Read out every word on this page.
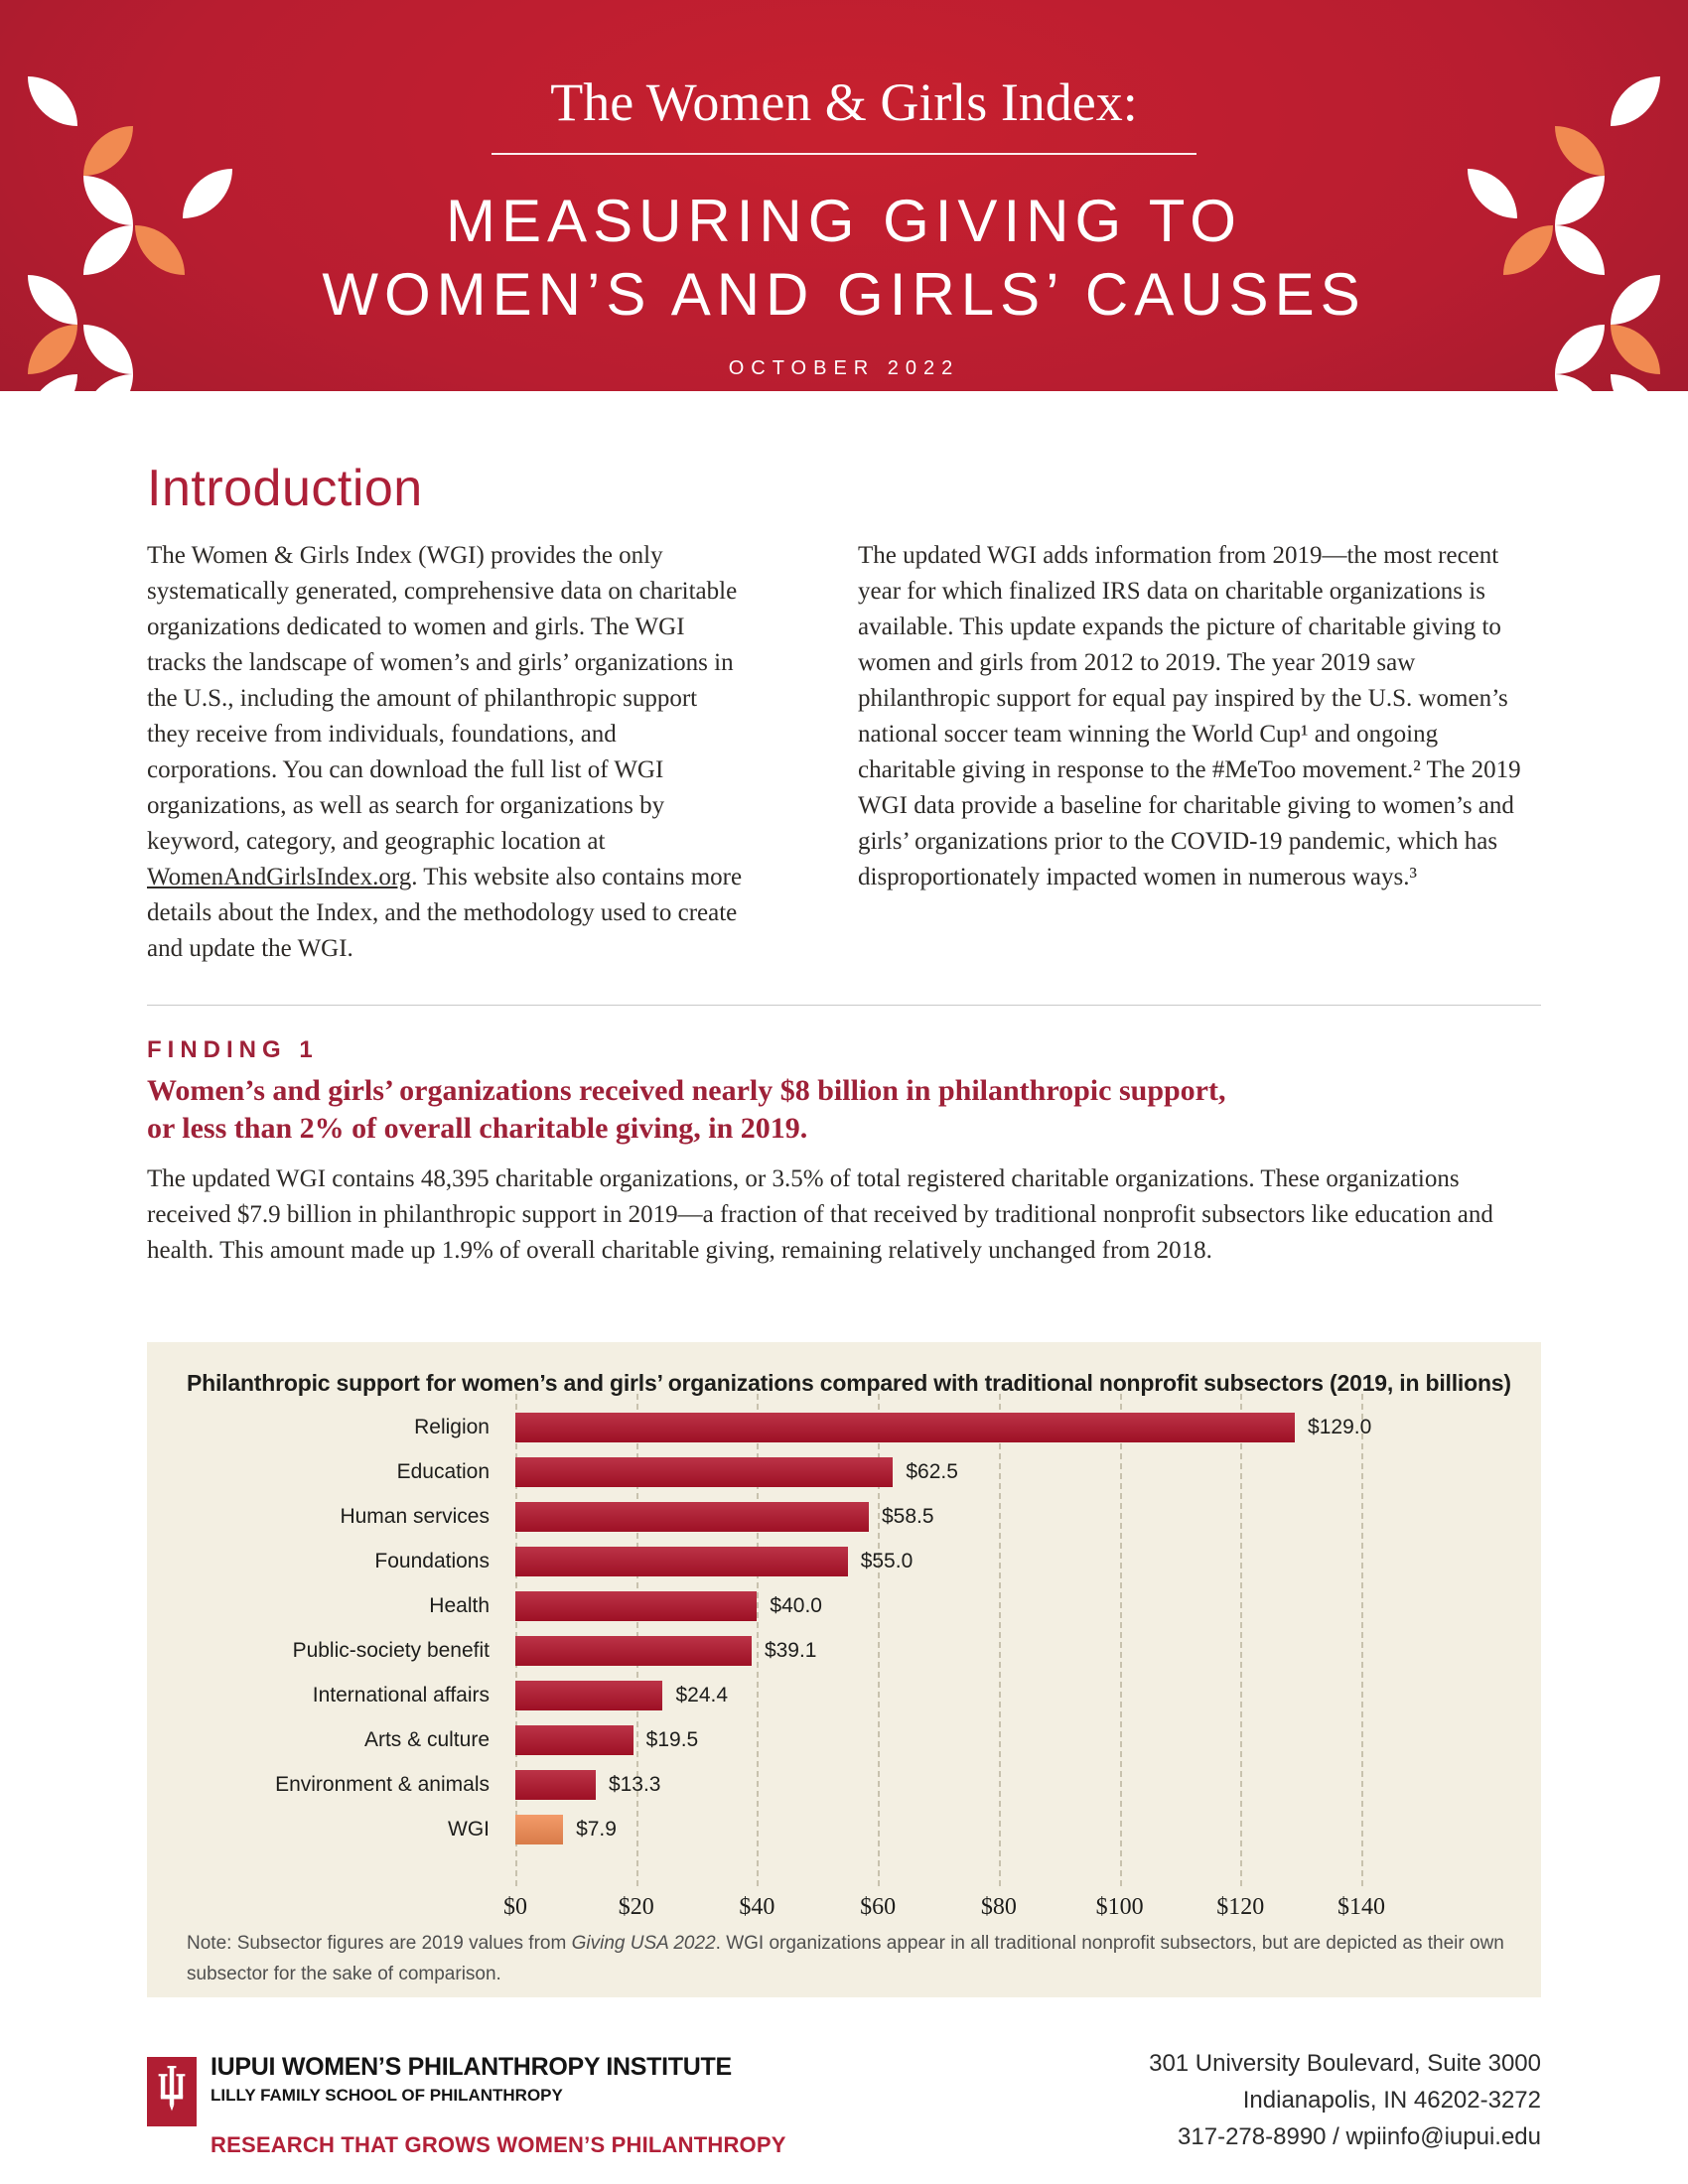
The Women & Girls Index:
MEASURING GIVING TO
WOMEN’S AND GIRLS’ CAUSES
OCTOBER 2022
Introduction

The Women & Girls Index (WGI) provides the only systematically generated, comprehensive data on charitable organizations dedicated to women and girls. The WGI tracks the landscape of women’s and girls’ organizations in the U.S., including the amount of philanthropic support they receive from individuals, foundations, and corporations. You can download the full list of WGI organizations, as well as search for organizations by keyword, category, and geographic location at WomenAndGirlsIndex.org. This website also contains more details about the Index, and the methodology used to create and update the WGI.

The updated WGI adds information from 2019—the most recent year for which finalized IRS data on charitable organizations is available. This update expands the picture of charitable giving to women and girls from 2012 to 2019. The year 2019 saw philanthropic support for equal pay inspired by the U.S. women’s national soccer team winning the World Cup¹ and ongoing charitable giving in response to the #MeToo movement.² The 2019 WGI data provide a baseline for charitable giving to women’s and girls’ organizations prior to the COVID-19 pandemic, which has disproportionately impacted women in numerous ways.³

FINDING 1
Women’s and girls’ organizations received nearly $8 billion in philanthropic support,
or less than 2% of overall charitable giving, in 2019.

The updated WGI contains 48,395 charitable organizations, or 3.5% of total registered charitable organizations. These organizations received $7.9 billion in philanthropic support in 2019—a fraction of that received by traditional nonprofit subsectors like education and health. This amount made up 1.9% of overall charitable giving, remaining relatively unchanged from 2018.

Philanthropic support for women’s and girls’ organizations compared with traditional nonprofit subsectors (2019, in billions)
Religion	$129.0
Education	$62.5
Human services	$58.5
Foundations	$55.0
Health	$40.0
Public-society benefit	$39.1
International affairs	$24.4
Arts & culture	$19.5
Environment & animals	$13.3
WGI	$7.9
$0	$20	$40	$60	$80	$100	$120	$140

Note: Subsector figures are 2019 values from Giving USA 2022. WGI organizations appear in all traditional nonprofit subsectors, but are depicted as their own subsector for the sake of comparison.

IUPUI WOMEN’S PHILANTHROPY INSTITUTE
LILLY FAMILY SCHOOL OF PHILANTHROPY
RESEARCH THAT GROWS WOMEN’S PHILANTHROPY
301 University Boulevard, Suite 3000
Indianapolis, IN 46202-3272
317-278-8990 / wpiinfo@iupui.edu
